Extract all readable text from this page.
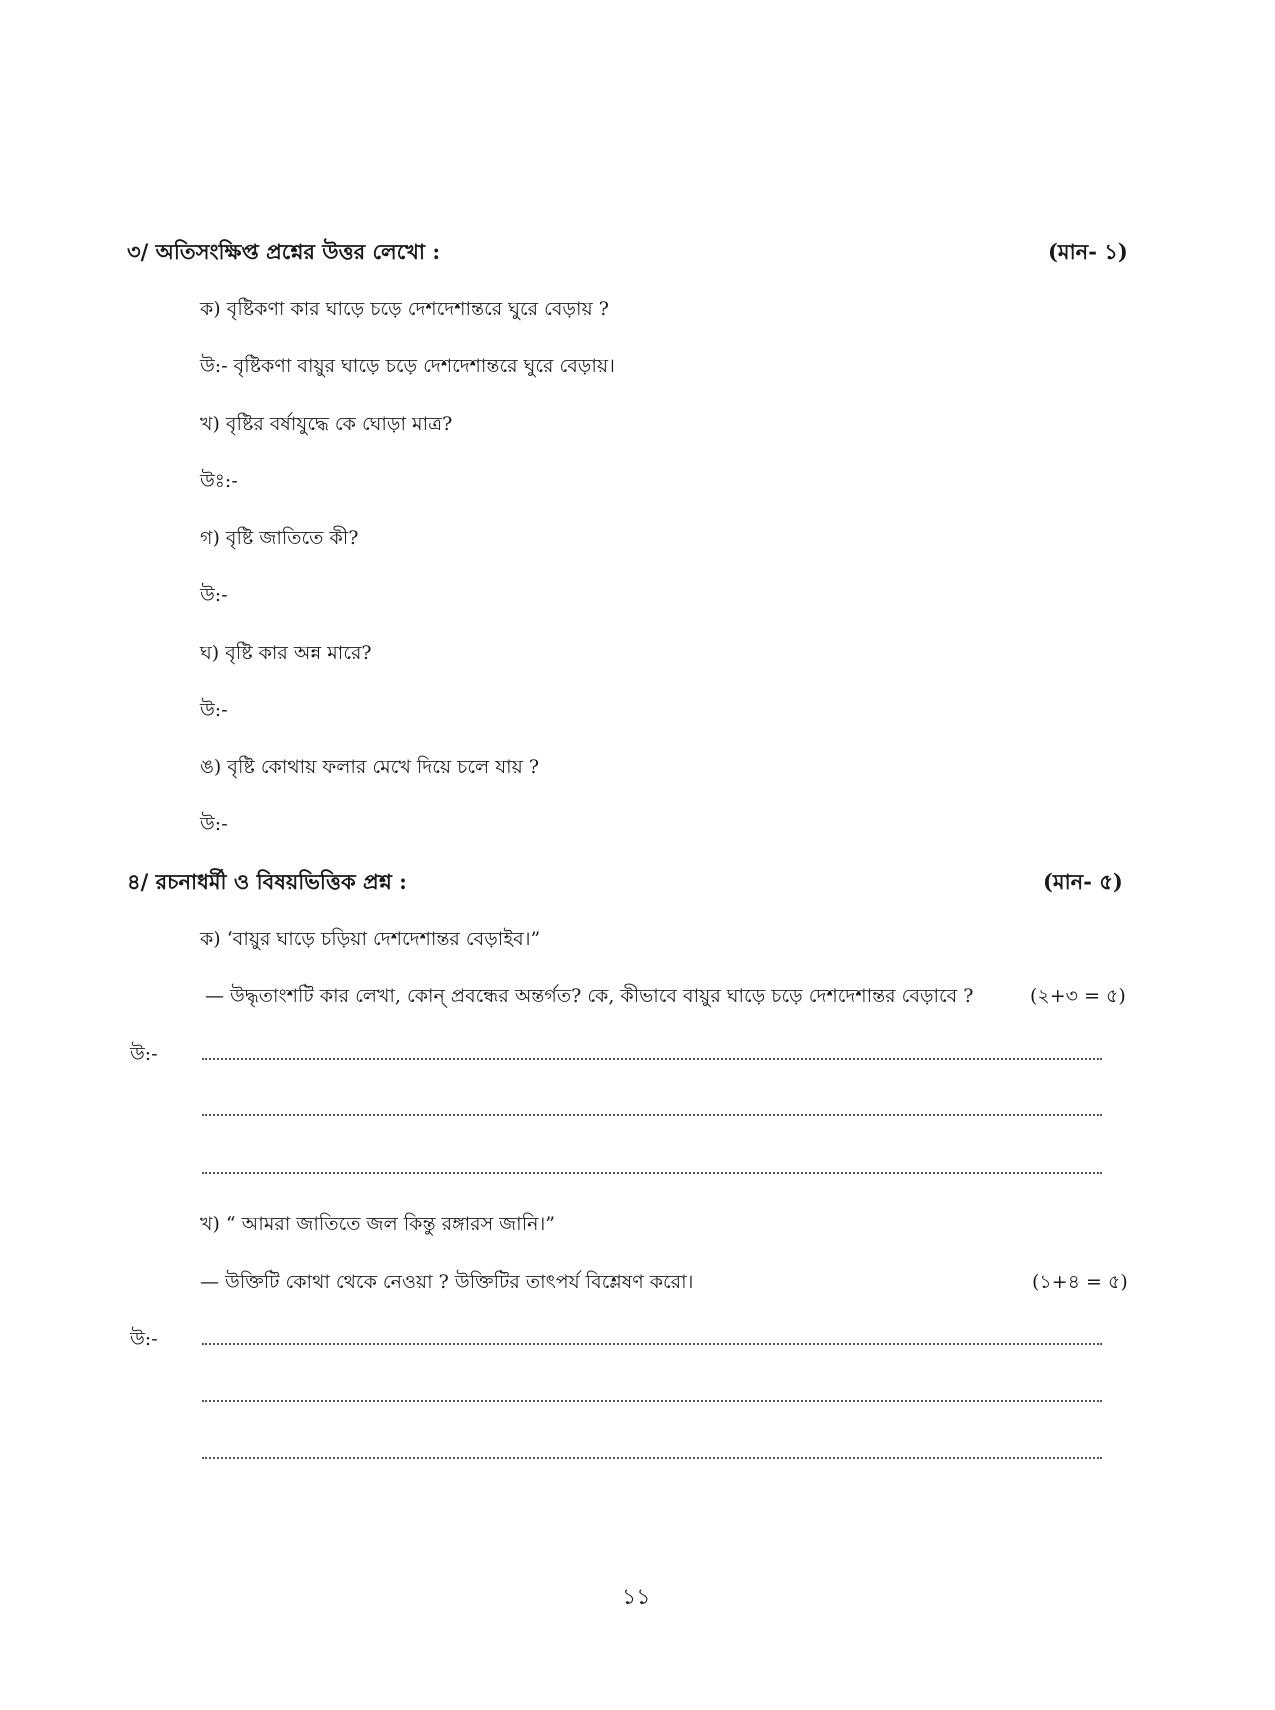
৩/ অতিসংক্ষিপ্ত প্রশ্নের উত্তর লেখো :	(মান- ১)
ক) বৃষ্টিকণা কার ঘাড়ে চড়ে দেশদেশান্তরে ঘুরে বেড়ায় ?
উ:- বৃষ্টিকণা বায়ুর ঘাড়ে চড়ে দেশদেশান্তরে ঘুরে বেড়ায়।
খ) বৃষ্টির বর্ষাযুদ্ধে কে ঘোড়া মাত্র?
উঃ:-
গ) বৃষ্টি জাতিতে কী?
উ:-
ঘ) বৃষ্টি কার অন্ন মারে?
উ:-
ঙ) বৃষ্টি কোথায় ফলার মেখে দিয়ে চলে যায় ?
উ:-
৪/ রচনাধর্মী ও বিষয়ভিত্তিক প্রশ্ন :	(মান- ৫)
ক) ‘বায়ুর ঘাড়ে চড়িয়া দেশদেশান্তর বেড়াইব।”
— উদ্ধৃতাংশটি কার লেখা, কোন্ প্রবন্ধের অন্তর্গত? কে, কীভাবে বায়ুর ঘাড়ে চড়ে দেশদেশান্তর বেড়াবে ?	(২+৩ = ৫)
উ:-
খ) “ আমরা জাতিতে জল কিন্তু রঙ্গারস জানি।”
— উক্তিটি কোথা থেকে নেওয়া ? উক্তিটির তাৎপর্য বিশ্লেষণ করো।	(১+৪ = ৫)
উ:-
১১
